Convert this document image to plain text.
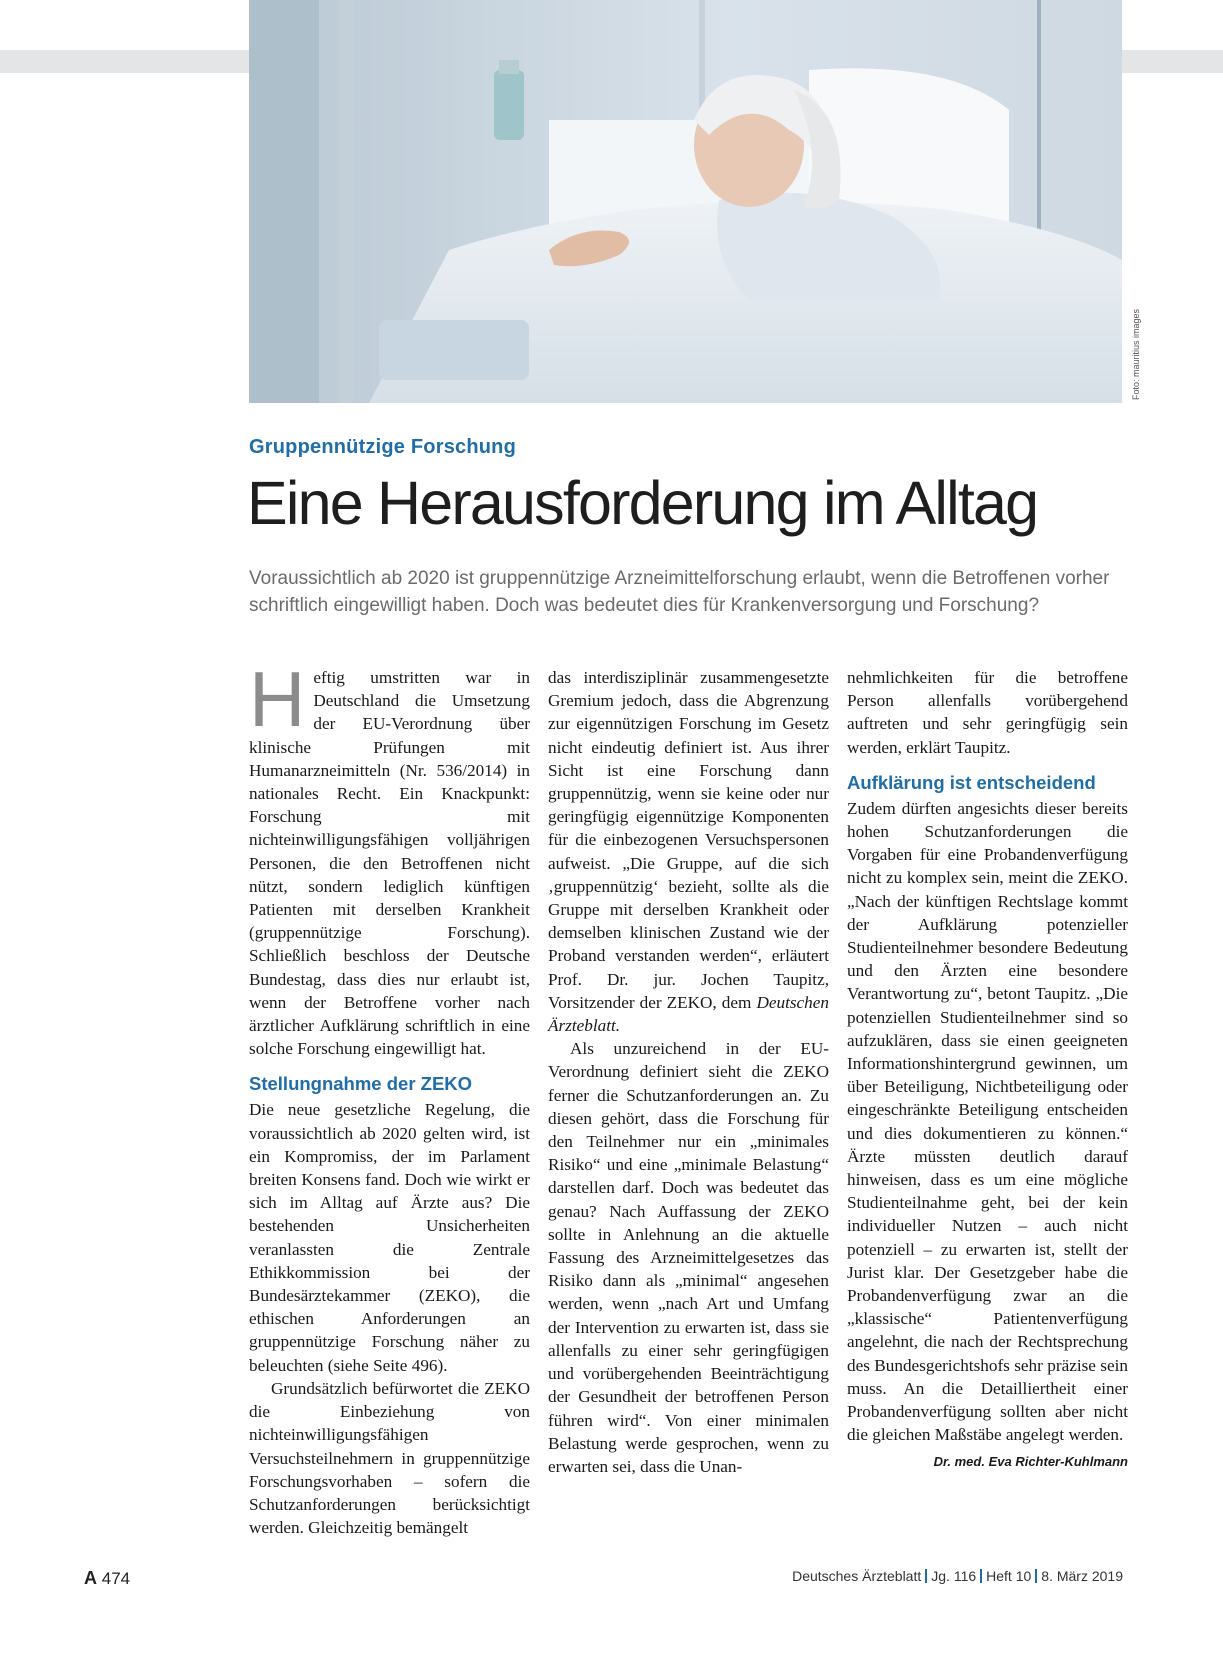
Foto: mauritius images
Gruppennützige Forschung
Eine Herausforderung im Alltag
Voraussichtlich ab 2020 ist gruppennützige Arzneimittelforschung erlaubt, wenn die Betroffenen vorher schriftlich eingewilligt haben. Doch was bedeutet dies für Krankenversorgung und Forschung?
H eftig umstritten war in Deutschland die Umsetzung der EU-Verordnung über klinische Prüfungen mit Humanarzneimitteln (Nr. 536/2014) in nationales Recht. Ein Knackpunkt: Forschung mit nichteinwilligungsfähigen volljährigen Personen, die den Betroffenen nicht nützt, sondern lediglich künftigen Patienten mit derselben Krankheit (gruppennützige Forschung). Schließlich beschloss der Deutsche Bundestag, dass dies nur erlaubt ist, wenn der Betroffene vorher nach ärztlicher Aufklärung schriftlich in eine solche Forschung eingewilligt hat.

Stellungnahme der ZEKO

Die neue gesetzliche Regelung, die voraussichtlich ab 2020 gelten wird, ist ein Kompromiss, der im Parlament breiten Konsens fand. Doch wie wirkt er sich im Alltag auf Ärzte aus? Die bestehenden Unsicherheiten veranlassten die Zentrale Ethikkommission bei der Bundesärztekammer (ZEKO), die ethischen Anforderungen an gruppennützige Forschung näher zu beleuchten (siehe Seite 496).

Grundsätzlich befürwortet die ZEKO die Einbeziehung von nichteinwilligungsfähigen Versuchsteilnehmern in gruppennützige Forschungsvorhaben – sofern die Schutzanforderungen berücksichtigt werden. Gleichzeitig bemängelt

das interdisziplinär zusammengesetzte Gremium jedoch, dass die Abgrenzung zur eigennützigen Forschung im Gesetz nicht eindeutig definiert ist. Aus ihrer Sicht ist eine Forschung dann gruppennützig, wenn sie keine oder nur geringfügig eigennützige Komponenten für die einbezogenen Versuchspersonen aufweist. „Die Gruppe, auf die sich ‚gruppennützig‘ bezieht, sollte als die Gruppe mit derselben Krankheit oder demselben klinischen Zustand wie der Proband verstanden werden“, erläutert Prof. Dr. jur. Jochen Taupitz, Vorsitzender der ZEKO, dem Deutschen Ärzteblatt.

Als unzureichend in der EU-Verordnung definiert sieht die ZEKO ferner die Schutzanforderungen an. Zu diesen gehört, dass die Forschung für den Teilnehmer nur ein „minimales Risiko“ und eine „minimale Belastung“ darstellen darf. Doch was bedeutet das genau? Nach Auffassung der ZEKO sollte in Anlehnung an die aktuelle Fassung des Arzneimittelgesetzes das Risiko dann als „minimal“ angesehen werden, wenn „nach Art und Umfang der Intervention zu erwarten ist, dass sie allenfalls zu einer sehr geringfügigen und vorübergehenden Beeinträchtigung der Gesundheit der betroffenen Person führen wird“. Von einer minimalen Belastung werde gesprochen, wenn zu erwarten sei, dass die Unan-

nehmlichkeiten für die betroffene Person allenfalls vorübergehend auftreten und sehr geringfügig sein werden, erklärt Taupitz.

Aufklärung ist entscheidend

Zudem dürften angesichts dieser bereits hohen Schutzanforderungen die Vorgaben für eine Probandenverfügung nicht zu komplex sein, meint die ZEKO. „Nach der künftigen Rechtslage kommt der Aufklärung potenzieller Studienteilnehmer besondere Bedeutung und den Ärzten eine besondere Verantwortung zu“, betont Taupitz. „Die potenziellen Studienteilnehmer sind so aufzuklären, dass sie einen geeigneten Informationshintergrund gewinnen, um über Beteiligung, Nichtbeteiligung oder eingeschränkte Beteiligung entscheiden und dies dokumentieren zu können.“ Ärzte müssten deutlich darauf hinweisen, dass es um eine mögliche Studienteilnahme geht, bei der kein individueller Nutzen – auch nicht potenziell – zu erwarten ist, stellt der Jurist klar. Der Gesetzgeber habe die Probandenverfügung zwar an die „klassische“ Patientenverfügung angelehnt, die nach der Rechtsprechung des Bundesgerichtshofs sehr präzise sein muss. An die Detailliertheit einer Probandenverfügung sollten aber nicht die gleichen Maßstäbe angelegt werden.
Dr. med. Eva Richter-Kuhlmann

A 474	Deutsches Ärzteblatt Jg. 116 Heft 10 8. März 2019
